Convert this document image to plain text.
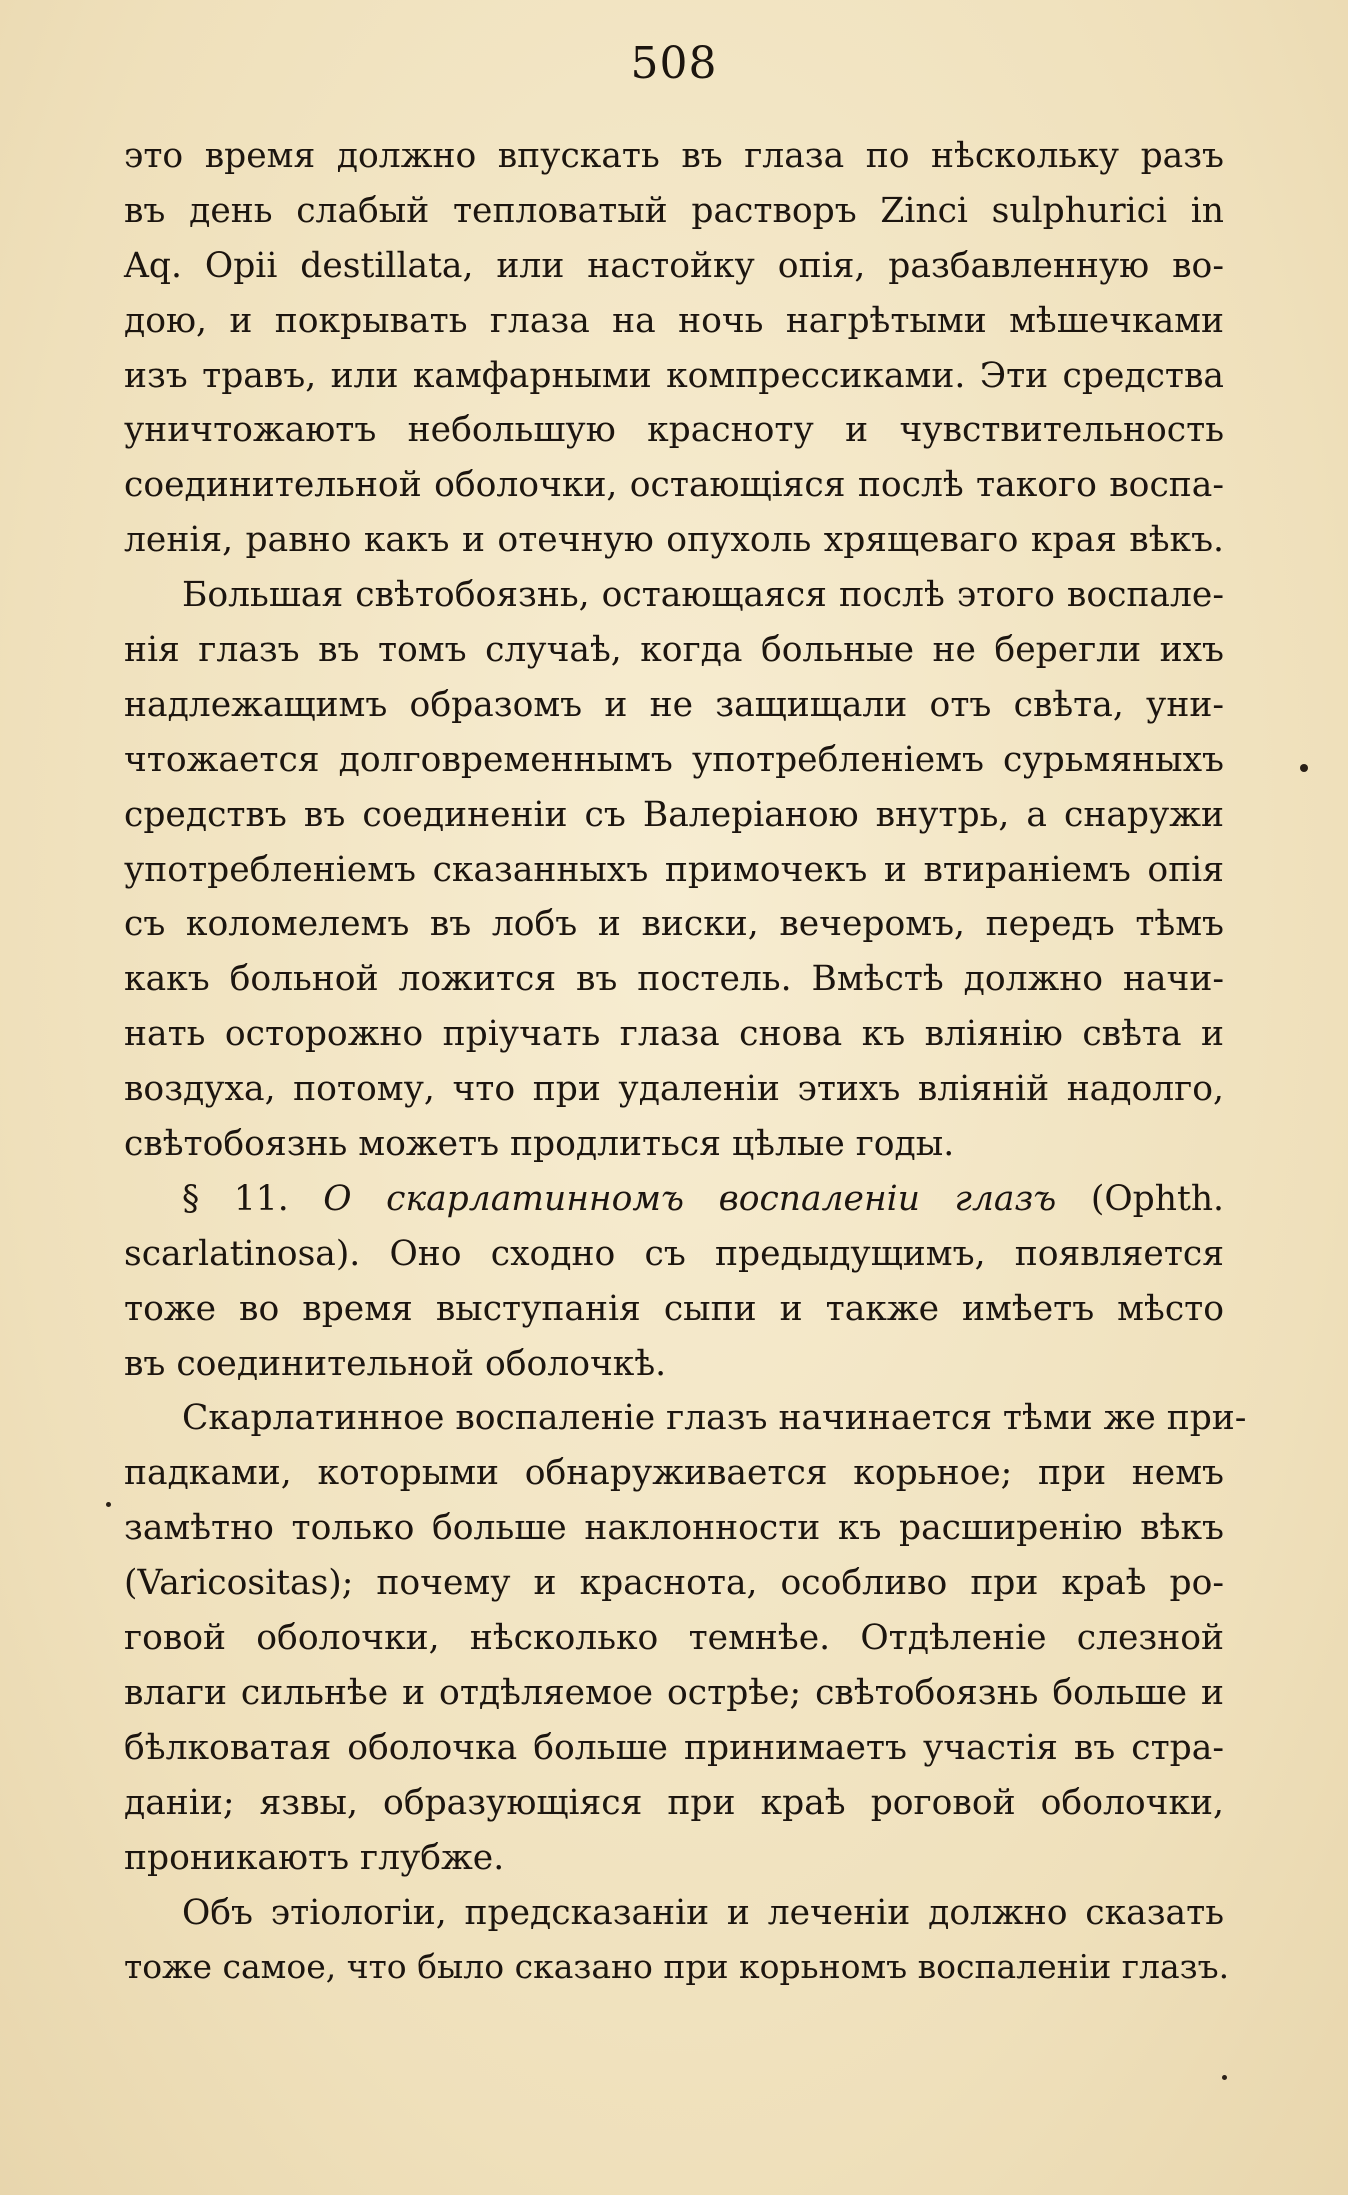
508
это время должно впускать въ глаза по нѣскольку разъ
въ день слабый тепловатый растворъ Zinci sulphurici in
Aq. Opii destillata, или настойку опія, разбавленную во-
дою, и покрывать глаза на ночь нагрѣтыми мѣшечками
изъ травъ, или камфарными компрессиками. Эти средства
уничтожаютъ небольшую красноту и чувствительность
соединительной оболочки, остающіяся послѣ такого воспа-
ленія, равно какъ и отечную опухоль хрящеваго края вѣкъ.
Большая свѣтобоязнь, остающаяся послѣ этого воспале-
нія глазъ въ томъ случаѣ, когда больные не берегли ихъ
надлежащимъ образомъ и не защищали отъ свѣта, уни-
чтожается долговременнымъ употребленіемъ сурьмяныхъ
средствъ въ соединеніи съ Валеріаною внутрь, а снаружи
употребленіемъ сказанныхъ примочекъ и втираніемъ опія
съ коломелемъ въ лобъ и виски, вечеромъ, передъ тѣмъ
какъ больной ложится въ постель. Вмѣстѣ должно начи-
нать осторожно пріучать глаза снова къ вліянію свѣта и
воздуха, потому, что при удаленіи этихъ вліяній надолго,
свѣтобоязнь можетъ продлиться цѣлые годы.
§ 11. О скарлатинномъ воспаленіи глазъ (Ophth.
scarlatinosa). Оно сходно съ предыдущимъ, появляется
тоже во время выступанія сыпи и также имѣетъ мѣсто
въ соединительной оболочкѣ.
Скарлатинное воспаленіе глазъ начинается тѣми же при-
падками, которыми обнаруживается корьное; при немъ
замѣтно только больше наклонности къ расширенію вѣкъ
(Varicositas); почему и краснота, особливо при краѣ ро-
говой оболочки, нѣсколько темнѣе. Отдѣленіе слезной
влаги сильнѣе и отдѣляемое острѣе; свѣтобоязнь больше и
бѣлковатая оболочка больше принимаетъ участія въ стра-
даніи; язвы, образующіяся при краѣ роговой оболочки,
проникаютъ глубже.
Объ этіологіи, предсказаніи и леченіи должно сказать
тоже самое, что было сказано при корьномъ воспаленіи глазъ.
